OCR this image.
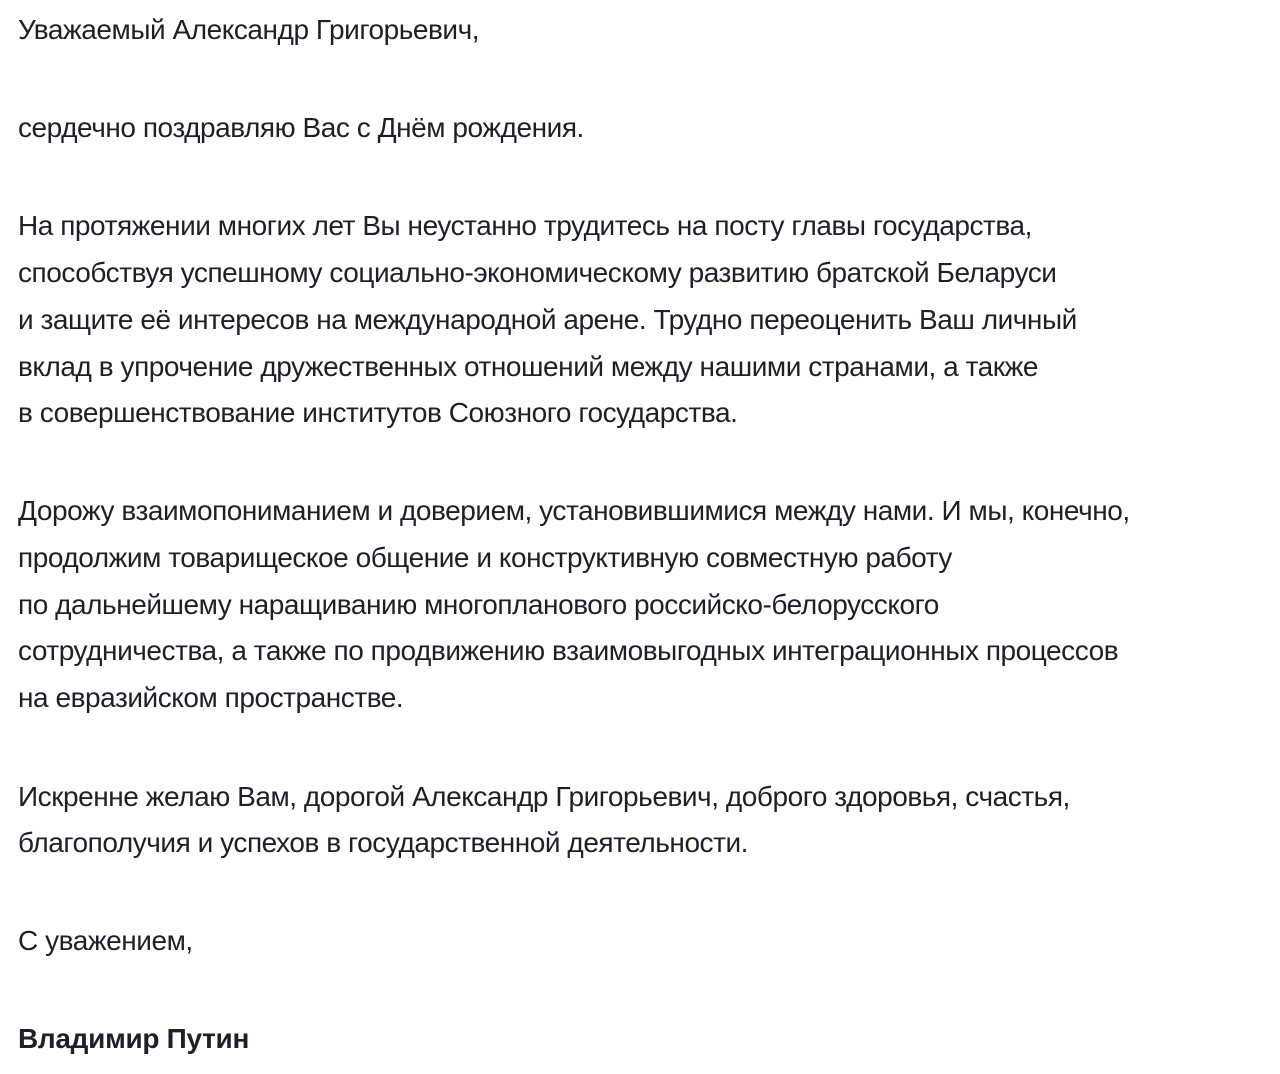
Уважаемый Александр Григорьевич,
сердечно поздравляю Вас с Днём рождения.
На протяжении многих лет Вы неустанно трудитесь на посту главы государства,
способствуя успешному социально-экономическому развитию братской Беларуси
и защите её интересов на международной арене. Трудно переоценить Ваш личный
вклад в упрочение дружественных отношений между нашими странами, а также
в совершенствование институтов Союзного государства.
Дорожу взаимопониманием и доверием, установившимися между нами. И мы, конечно,
продолжим товарищеское общение и конструктивную совместную работу
по дальнейшему наращиванию многопланового российско-белорусского
сотрудничества, а также по продвижению взаимовыгодных интеграционных процессов
на евразийском пространстве.
Искренне желаю Вам, дорогой Александр Григорьевич, доброго здоровья, счастья,
благополучия и успехов в государственной деятельности.
С уважением,
Владимир Путин
